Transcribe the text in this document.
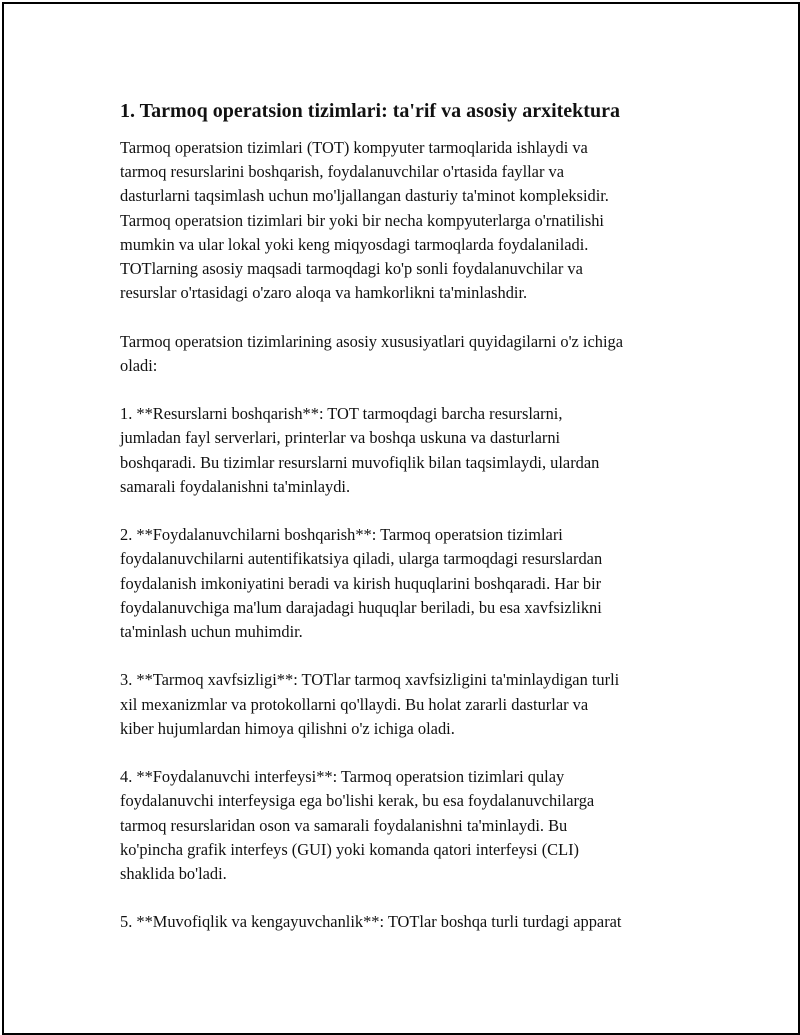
1. Tarmoq operatsion tizimlari: ta'rif va asosiy arxitektura

Tarmoq operatsion tizimlari (TOT) kompyuter tarmoqlarida ishlaydi va
tarmoq resurslarini boshqarish, foydalanuvchilar o'rtasida fayllar va
dasturlarni taqsimlash uchun mo'ljallangan dasturiy ta'minot kompleksidir.
Tarmoq operatsion tizimlari bir yoki bir necha kompyuterlarga o'rnatilishi
mumkin va ular lokal yoki keng miqyosdagi tarmoqlarda foydalaniladi.
TOTlarning asosiy maqsadi tarmoqdagi ko'p sonli foydalanuvchilar va
resurslar o'rtasidagi o'zaro aloqa va hamkorlikni ta'minlashdir.

Tarmoq operatsion tizimlarining asosiy xususiyatlari quyidagilarni o'z ichiga
oladi:

1. **Resurslarni boshqarish**: TOT tarmoqdagi barcha resurslarni,
jumladan fayl serverlari, printerlar va boshqa uskuna va dasturlarni
boshqaradi. Bu tizimlar resurslarni muvofiqlik bilan taqsimlaydi, ulardan
samarali foydalanishni ta'minlaydi.

2. **Foydalanuvchilarni boshqarish**: Tarmoq operatsion tizimlari
foydalanuvchilarni autentifikatsiya qiladi, ularga tarmoqdagi resurslardan
foydalanish imkoniyatini beradi va kirish huquqlarini boshqaradi. Har bir
foydalanuvchiga ma'lum darajadagi huquqlar beriladi, bu esa xavfsizlikni
ta'minlash uchun muhimdir.

3. **Tarmoq xavfsizligi**: TOTlar tarmoq xavfsizligini ta'minlaydigan turli
xil mexanizmlar va protokollarni qo'llaydi. Bu holat zararli dasturlar va
kiber hujumlardan himoya qilishni o'z ichiga oladi.

4. **Foydalanuvchi interfeysi**: Tarmoq operatsion tizimlari qulay
foydalanuvchi interfeysiga ega bo'lishi kerak, bu esa foydalanuvchilarga
tarmoq resurslaridan oson va samarali foydalanishni ta'minlaydi. Bu
ko'pincha grafik interfeys (GUI) yoki komanda qatori interfeysi (CLI)
shaklida bo'ladi.

5. **Muvofiqlik va kengayuvchanlik**: TOTlar boshqa turli turdagi apparat
